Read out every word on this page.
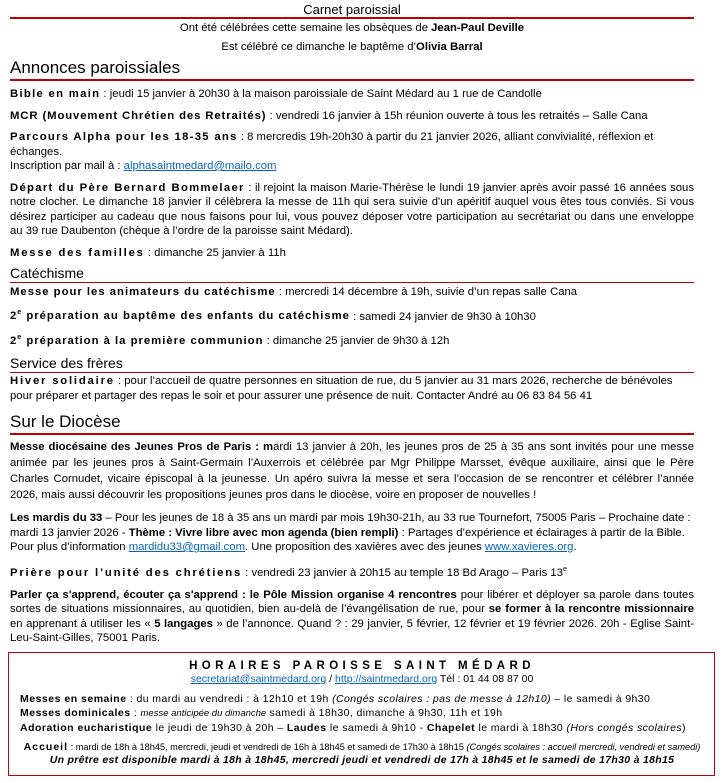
Carnet paroissial
Ont été célébrées cette semaine les obsèques de Jean-Paul Deville
Est célébré ce dimanche le baptême d’Olivia Barral
Annonces paroissiales

Bible en main : jeudi 15 janvier à 20h30 à la maison paroissiale de Saint Médard au 1 rue de Candolle

MCR (Mouvement Chrétien des Retraités) : vendredi 16 janvier à 15h réunion ouverte à tous les retraités – Salle Cana

Parcours Alpha pour les 18-35 ans : 8 mercredis 19h-20h30 à partir du 21 janvier 2026, alliant convivialité, réflexion et échanges.
Inscription par mail à : alphasaintmedard@mailo.com

Départ du Père Bernard Bommelaer : il rejoint la maison Marie-Thérèse le lundi 19 janvier après avoir passé 16 années sous notre clocher. Le dimanche 18 janvier il célèbrera la messe de 11h qui sera suivie d'un apéritif auquel vous êtes tous conviés. Si vous désirez participer au cadeau que nous faisons pour lui, vous pouvez déposer votre participation au secrétariat ou dans une enveloppe au 39 rue Daubenton (chèque à l’ordre de la paroisse saint Médard).

Messe des familles : dimanche 25 janvier à 11h

Catéchisme

Messe pour les animateurs du catéchisme : mercredi 14 décembre à 19h, suivie d’un repas salle Cana

2e préparation au baptême des enfants du catéchisme : samedi 24 janvier de 9h30 à 10h30

2e préparation à la première communion : dimanche 25 janvier de 9h30 à 12h

Service des frères

Hiver solidaire : pour l’accueil de quatre personnes en situation de rue, du 5 janvier au 31 mars 2026, recherche de bénévoles pour préparer et partager des repas le soir et pour assurer une présence de nuit. Contacter André au 06 83 84 56 41

Sur le Diocèse

Messe diocésaine des Jeunes Pros de Paris : mardi 13 janvier à 20h, les jeunes pros de 25 à 35 ans sont invités pour une messe animée par les jeunes pros à Saint-Germain l’Auxerrois et célébrée par Mgr Philippe Marsset, évêque auxiliaire, ainsi que le Père Charles Cornudet, vicaire épiscopal à la jeunesse. Un apéro suivra la messe et sera l’occasion de se rencontrer et célébrer l’année 2026, mais aussi découvrir les propositions jeunes pros dans le diocèse, voire en proposer de nouvelles !

Les mardis du 33 – Pour les jeunes de 18 à 35 ans un mardi par mois 19h30-21h, au 33 rue Tournefort, 75005 Paris – Prochaine date : mardi 13 janvier 2026 - Thème : Vivre libre avec mon agenda (bien rempli) : Partages d’expérience et éclairages à partir de la Bible. Pour plus d’information mardidu33@gmail.com. Une proposition des xavières avec des jeunes www.xavieres.org.

Prière pour l’unité des chrétiens : vendredi 23 janvier à 20h15 au temple 18 Bd Arago – Paris 13e

Parler ça s'apprend, écouter ça s'apprend : le Pôle Mission organise 4 rencontres pour libérer et déployer sa parole dans toutes sortes de situations missionnaires, au quotidien, bien au-delà de l’évangélisation de rue, pour se former à la rencontre missionnaire en apprenant à utiliser les « 5 langages » de l’annonce. Quand ? : 29 janvier, 5 février, 12 février et 19 février 2026. 20h - Eglise Saint-Leu-Saint-Gilles, 75001 Paris.

HORAIRES PAROISSE SAINT MÉDARD
secretariat@saintmedard.org / http://saintmedard.org Tél : 01 44 08 87 00
Messes en semaine : du mardi au vendredi : à 12h10 et 19h (Congés scolaires : pas de messe à 12h10) – le samedi à 9h30
Messes dominicales : messe anticipée du dimanche samedi à 18h30, dimanche à 9h30, 11h et 19h
Adoration eucharistique le jeudi de 19h30 à 20h – Laudes le samedi à 9h10 - Chapelet le mardi à 18h30 (Hors congés scolaires)
Accueil : mardi de 18h à 18h45, mercredi, jeudi et vendredi de 16h à 18h45 et samedi de 17h30 à 18h15 (Congés scolaires : accueil mercredi, vendredi et samedi)
Un prêtre est disponible mardi à 18h à 18h45, mercredi jeudi et vendredi de 17h à 18h45 et le samedi de 17h30 à 18h15
